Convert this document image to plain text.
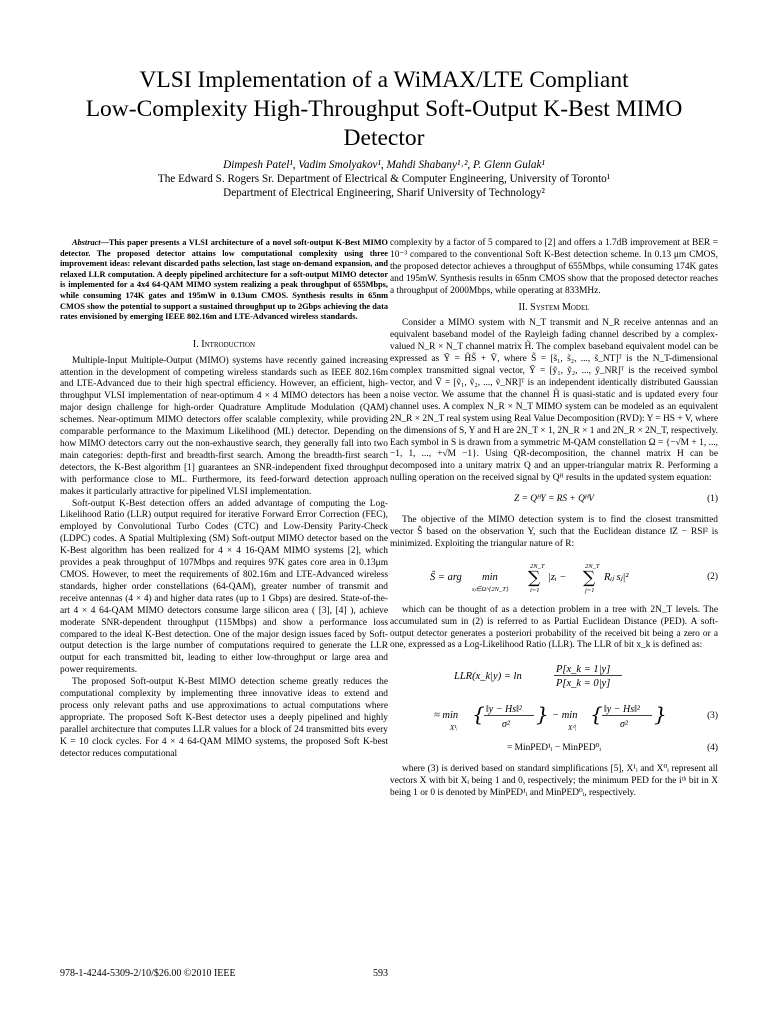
VLSI Implementation of a WiMAX/LTE Compliant
Low-Complexity High-Throughput Soft-Output K-Best MIMO
Detector
Dimpesh Patel¹, Vadim Smolyakov¹, Mahdi Shabany¹˒², P. Glenn Gulak¹
The Edward S. Rogers Sr. Department of Electrical & Computer Engineering, University of Toronto¹
Department of Electrical Engineering, Sharif University of Technology²

Abstract—This paper presents a VLSI architecture of a novel soft-output K-Best MIMO detector. The proposed detector attains low computational complexity using three improvement ideas: relevant discarded paths selection, last stage on-demand expansion, and relaxed LLR computation. A deeply pipelined architecture for a soft-output MIMO detector is implemented for a 4x4 64-QAM MIMO system realizing a peak throughput of 655Mbps, while consuming 174K gates and 195mW in 0.13um CMOS. Synthesis results in 65nm CMOS show the potential to support a sustained throughput up to 2Gbps achieving the data rates envisioned by emerging IEEE 802.16m and LTE-Advanced wireless standards.

I. Introduction

Multiple-Input Multiple-Output (MIMO) systems have recently gained increasing attention in the development of competing wireless standards such as IEEE 802.16m and LTE-Advanced due to their high spectral efficiency. However, an efficient, high-throughput VLSI implementation of near-optimum 4 × 4 MIMO detectors has been a major design challenge for high-order Quadrature Amplitude Modulation (QAM) schemes. Near-optimum MIMO detectors offer scalable complexity, while providing comparable performance to the Maximum Likelihood (ML) detector. Depending on how MIMO detectors carry out the non-exhaustive search, they generally fall into two main categories: depth-first and breadth-first search. Among the breadth-first search detectors, the K-Best algorithm [1] guarantees an SNR-independent fixed throughput with performance close to ML. Furthermore, its feed-forward detection approach makes it particularly attractive for pipelined VLSI implementation.

Soft-output K-Best detection offers an added advantage of computing the Log-Likelihood Ratio (LLR) output required for iterative Forward Error Correction (FEC), employed by Convolutional Turbo Codes (CTC) and Low-Density Parity-Check (LDPC) codes. A Spatial Multiplexing (SM) Soft-output MIMO detector based on the K-Best algorithm has been realized for 4 × 4 16-QAM MIMO systems [2], which provides a peak throughput of 107Mbps and requires 97K gates core area in 0.13μm CMOS. However, to meet the requirements of 802.16m and LTE-Advanced wireless standards, higher order constellations (64-QAM), greater number of transmit and receive antennas (4 × 4) and higher data rates (up to 1 Gbps) are desired. State-of-the-art 4 × 4 64-QAM MIMO detectors consume large silicon area ( [3], [4] ), achieve moderate SNR-dependent throughput (115Mbps) and show a performance loss compared to the ideal K-Best detection. One of the major design issues faced by Soft-output detection is the large number of computations required to generate the LLR output for each transmitted bit, leading to either low-throughput or large area and power requirements.

The proposed Soft-output K-Best MIMO detection scheme greatly reduces the computational complexity by implementing three innovative ideas to extend and process only relevant paths and use approximations to actual computations where appropriate. The proposed Soft K-Best detector uses a deeply pipelined and highly parallel architecture that computes LLR values for a block of 24 transmitted bits every K = 10 clock cycles. For 4 × 4 64-QAM MIMO systems, the proposed Soft K-best detector reduces computational

complexity by a factor of 5 compared to [2] and offers a 1.7dB improvement at BER = 10⁻³ compared to the conventional Soft K-Best detection scheme. In 0.13 μm CMOS, the proposed detector achieves a throughput of 655Mbps, while consuming 174K gates and 195mW. Synthesis results in 65nm CMOS show that the proposed detector reaches a throughput of 2000Mbps, while operating at 833MHz.

II. System Model

Consider a MIMO system with N_T transmit and N_R receive antennas and an equivalent baseband model of the Rayleigh fading channel described by a complex-valued N_R × N_T channel matrix H̃. The complex baseband equivalent model can be expressed as Ỹ = H̃S̃ + Ṽ, where S̃ = [s̃₁, s̃₂, ..., s̃_NT]ᵀ is the N_T-dimensional complex transmitted signal vector, Ỹ = [ỹ₁, ỹ₂, ..., ỹ_NR]ᵀ is the received symbol vector, and Ṽ = [ṽ₁, ṽ₂, ..., ṽ_NR]ᵀ is an independent identically distributed Gaussian noise vector. We assume that the channel H̃ is quasi-static and is updated every four channel uses. A complex N_R × N_T MIMO system can be modeled as an equivalent 2N_R × 2N_T real system using Real Value Decomposition (RVD): Y = HS + V, where the dimensions of S, Y and H are 2N_T × 1, 2N_R × 1 and 2N_R × 2N_T, respectively. Each symbol in S is drawn from a symmetric M-QAM constellation Ω = {−√M + 1, ..., −1, 1, ..., +√M −1}. Using QR-decomposition, the channel matrix H can be decomposed into a unitary matrix Q and an upper-triangular matrix R. Performing a nulling operation on the received signal by Qᴴ results in the updated system equation:

Z = QᴴY = RS + QᴴV	(1)

The objective of the MIMO detection system is to find the closest transmitted vector Ŝ based on the observation Y, such that the Euclidean distance ‖Z − RS‖² is minimized. Exploiting the triangular nature of R:

Ŝ = arg min
sⱼ∈Ω^{2N_T}
2N_T
∑
i=1
|zᵢ −
2N_T
∑
j=1
Rᵢⱼ sⱼ|²	(2)

which can be thought of as a detection problem in a tree with 2N_T levels. The accumulated sum in (2) is referred to as Partial Euclidean Distance (PED). A soft-output detector generates a posteriori probability of the received bit being a zero or a one, expressed as a Log-Likelihood Ratio (LLR). The LLR of bit x_k is defined as:

LLR(x_k|y) = ln
P[x_k = 1|y]
P[x_k = 0|y]
≈ min
X¹ᵢ
{ ‖y − Hs‖²
σ² } − min
X⁰ᵢ
{ ‖y − Hs‖²
σ² }	(3)
= MinPED¹ᵢ − MinPED⁰ᵢ	(4)

where (3) is derived based on standard simplifications [5], X¹ᵢ and X⁰ᵢ represent all vectors X with bit Xᵢ being 1 and 0, respectively; the minimum PED for the iᵗʰ bit in X being 1 or 0 is denoted by MinPED¹ᵢ and MinPED⁰ᵢ, respectively.

978-1-4244-5309-2/10/$26.00 ©2010 IEEE	593
